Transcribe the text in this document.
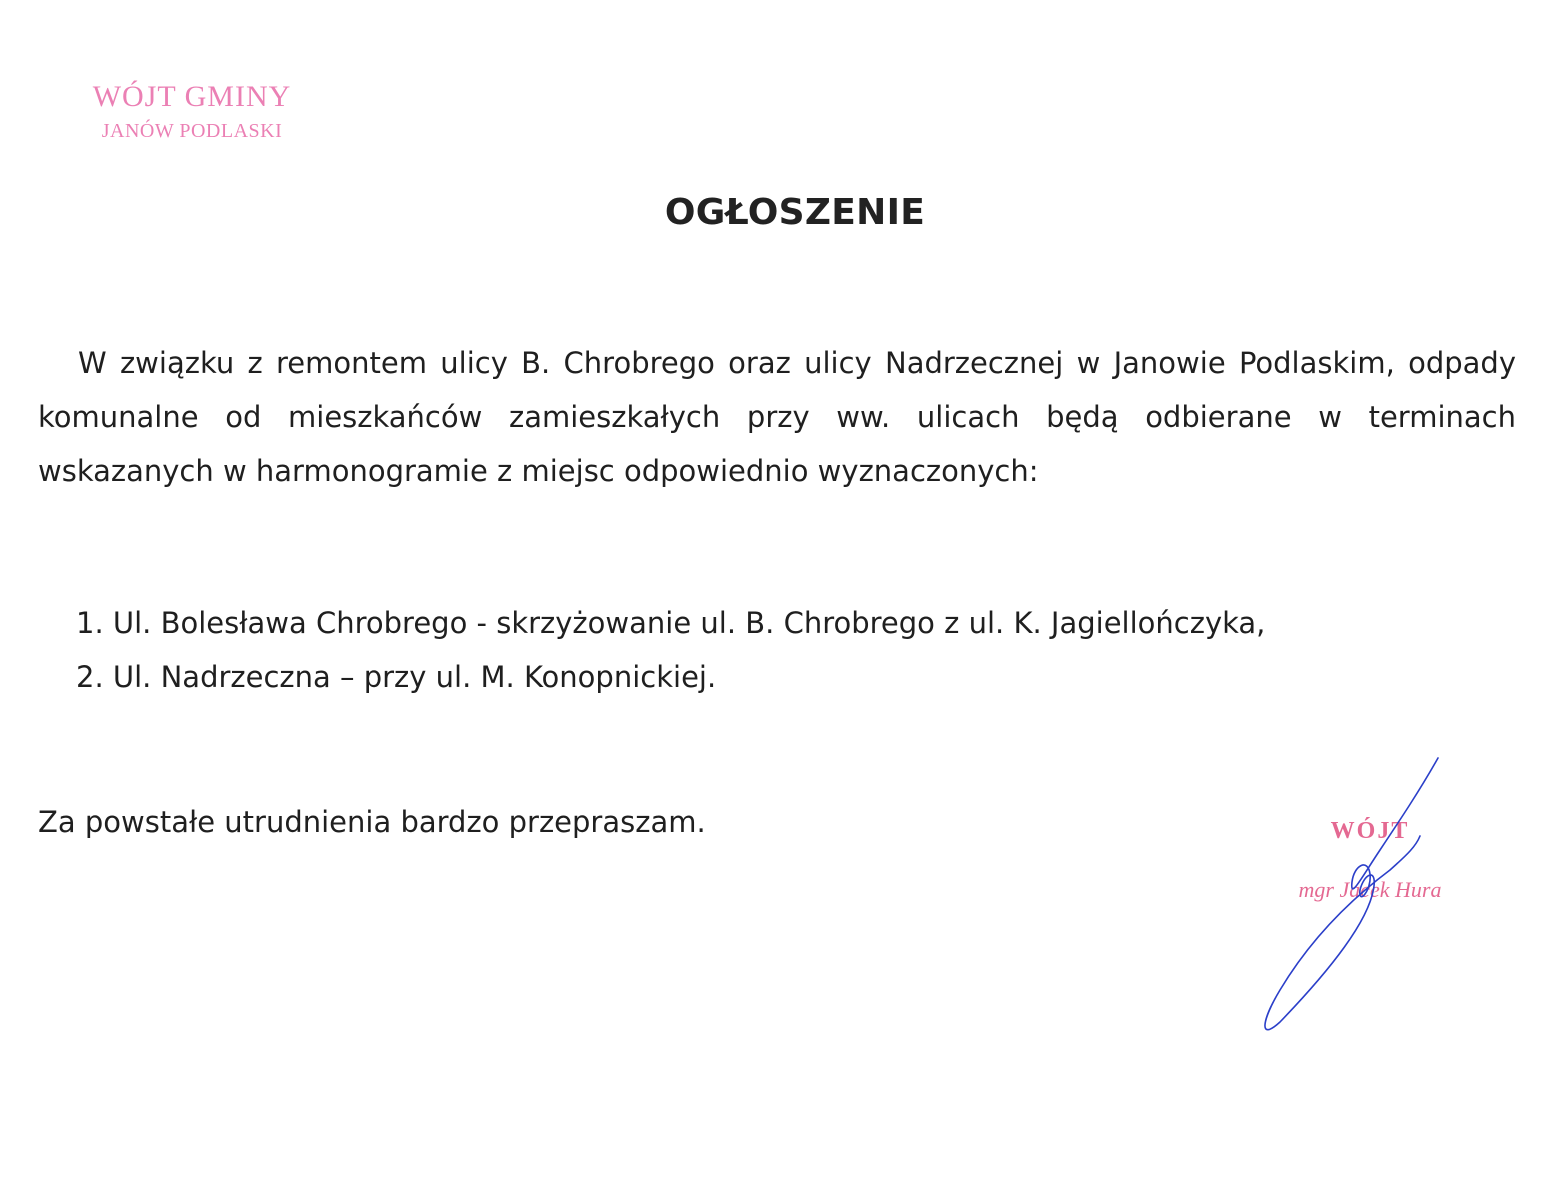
WÓJT GMINY
JANÓW PODLASKI
OGŁOSZENIE

W związku z remontem ulicy B. Chrobrego oraz ulicy Nadrzecznej w Janowie Podlaskim, odpady komunalne od mieszkańców zamieszkałych przy ww. ulicach będą odbierane w terminach wskazanych w harmonogramie z miejsc odpowiednio wyznaczonych:

1. Ul. Bolesława Chrobrego - skrzyżowanie ul. B. Chrobrego z ul. K. Jagiellończyka,
2. Ul. Nadrzeczna – przy ul. M. Konopnickiej.

Za powstałe utrudnienia bardzo przepraszam.	WÓJT
mgr Jacek Hura
